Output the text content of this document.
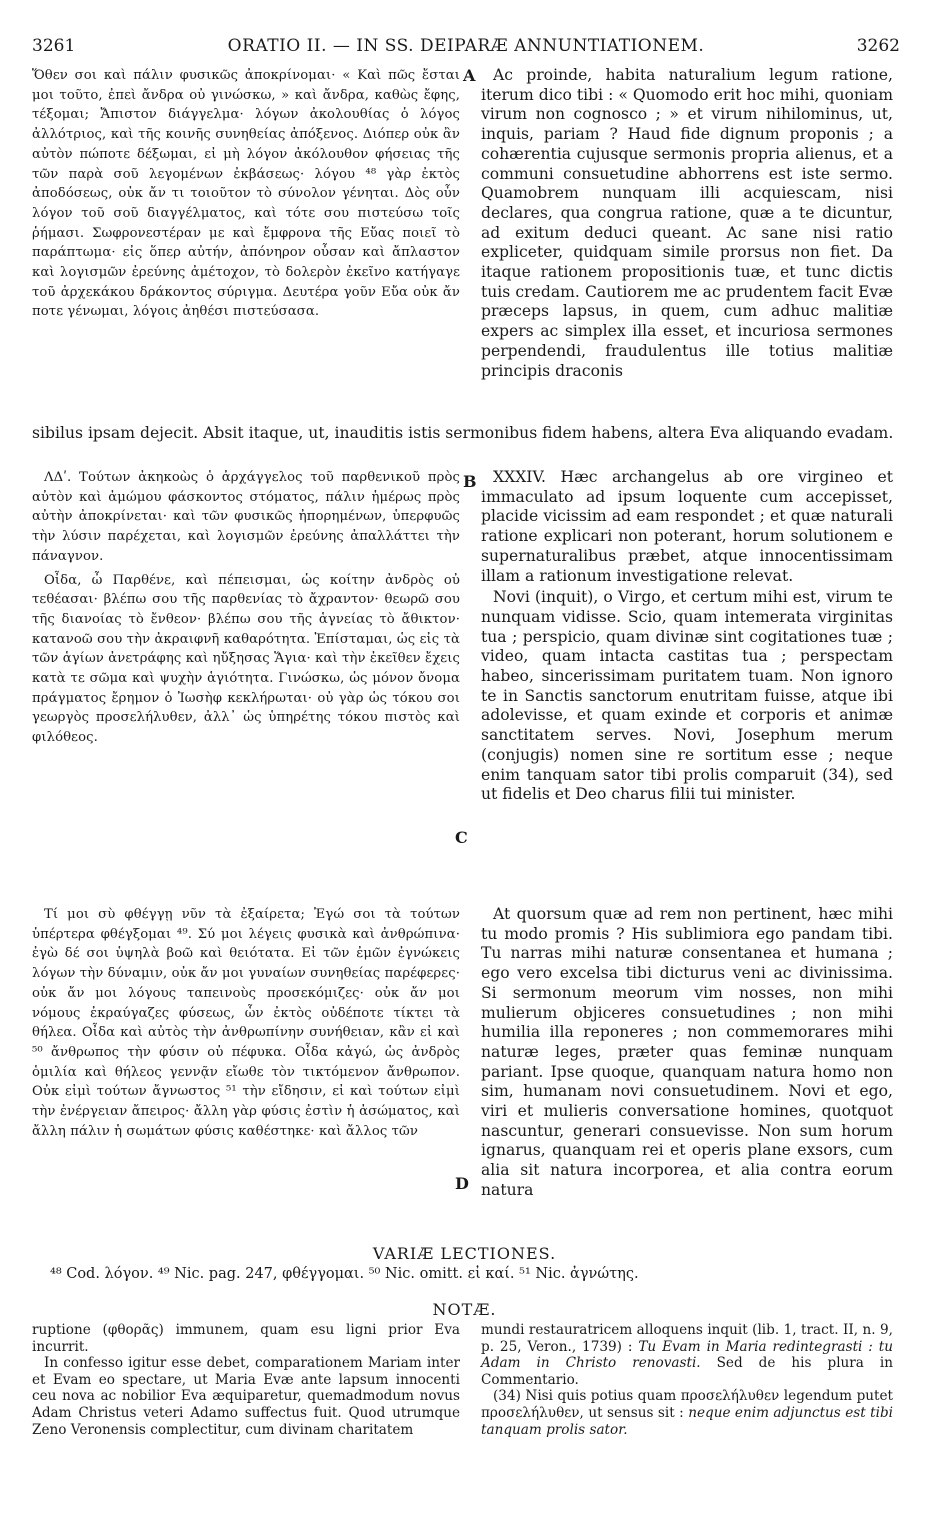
3261	ORATIO II. — IN SS. DEIPARÆ ANNUNTIATIONEM.	3262

Ὅθεν σοι καὶ πάλιν φυσικῶς ἀποκρίνομαι· « Καὶ πῶς ἔσται μοι τοῦτο, ἐπεὶ ἄνδρα οὐ γινώσκω, » καὶ ἄνδρα, καθὼς ἔφης, τέξομαι; Ἄπιστον διάγγελμα· λόγων ἀκολουθίας ὁ λόγος ἀλλότριος, καὶ τῆς κοινῆς συνηθείας ἀπόξενος. Διόπερ οὐκ ἂν αὐτὸν πώποτε δέξωμαι, εἰ μὴ λόγον ἀκόλουθον φήσειας τῆς τῶν παρὰ σοῦ λεγομένων ἐκβάσεως· λόγου ⁴⁸ γὰρ ἐκτὸς ἀποδόσεως, οὐκ ἄν τι τοιοῦτον τὸ σύνολον γένηται. Δὸς οὖν λόγον τοῦ σοῦ διαγγέλματος, καὶ τότε σου πιστεύσω τοῖς ῥήμασι. Σωφρονεστέραν με καὶ ἔμφρονα τῆς Εὔας ποιεῖ τὸ παράπτωμα· εἰς ὅπερ αὐτήν, ἀπόνηρον οὖσαν καὶ ἄπλαστον καὶ λογισμῶν ἐρεύνης ἀμέτοχον, τὸ δολερὸν ἐκεῖνο κατήγαγε τοῦ ἀρχεκάκου δράκοντος σύριγμα. Δευτέρα γοῦν Εὔα οὐκ ἄν ποτε γένωμαι, λόγοις ἀηθέσι πιστεύσασα.

A	Ac proinde, habita naturalium legum ratione, iterum dico tibi : « Quomodo erit hoc mihi, quoniam virum non cognosco ; » et virum nihilominus, ut, inquis, pariam ? Haud fide dignum proponis ; a cohærentia cujusque sermonis propria alienus, et a communi consuetudine abhorrens est iste sermo. Quamobrem nunquam illi acquiescam, nisi declares, qua congrua ratione, quæ a te dicuntur, ad exitum deduci queant. Ac sane nisi ratio expliceter, quidquam simile prorsus non fiet. Da itaque rationem propositionis tuæ, et tunc dictis tuis credam. Cautiorem me ac prudentem facit Evæ præceps lapsus, in quem, cum adhuc malitiæ expers ac simplex illa esset, et incuriosa sermones perpendendi, fraudulentus ille totius malitiæ principis draconis

sibilus ipsam dejecit. Absit itaque, ut, inauditis istis sermonibus fidem habens, altera Eva aliquando evadam.

ΛΔʹ. Τούτων ἀκηκοὼς ὁ ἀρχάγγελος τοῦ παρθενικοῦ πρὸς αὐτὸν καὶ ἀμώμου φάσκοντος στόματος, πάλιν ἡμέρως πρὸς αὐτὴν ἀποκρίνεται· καὶ τῶν φυσικῶς ἠπορημένων, ὑπερφυῶς τὴν λύσιν παρέχεται, καὶ λογισμῶν ἐρεύνης ἀπαλλάττει τὴν πάναγνον.

Οἶδα, ὦ Παρθένε, καὶ πέπεισμαι, ὡς κοίτην ἀνδρὸς οὐ τεθέασαι· βλέπω σου τῆς παρθενίας τὸ ἄχραντον· θεωρῶ σου τῆς διανοίας τὸ ἔνθεον· βλέπω σου τῆς ἁγνείας τὸ ἄθικτον· κατανοῶ σου τὴν ἀκραιφνῆ καθαρότητα. Ἐπίσταμαι, ὡς εἰς τὰ τῶν ἁγίων ἀνετράφης καὶ ηὔξησας Ἅγια· καὶ τὴν ἐκεῖθεν ἔχεις κατὰ τε σῶμα καὶ ψυχὴν ἁγιότητα. Γινώσκω, ὡς μόνον ὄνομα πράγματος ἔρημον ὁ Ἰωσὴφ κεκλήρωται· οὐ γὰρ ὡς τόκου σοι γεωργὸς προσελήλυθεν, ἀλλ᾽ ὡς ὑπηρέτης τόκου πιστὸς καὶ φιλόθεος.

B	XXXIV. Hæc archangelus ab ore virgineo et immaculato ad ipsum loquente cum accepisset, placide vicissim ad eam respondet ; et quæ naturali ratione explicari non poterant, horum solutionem e supernaturalibus præbet, atque innocentissimam illam a rationum investigatione relevat.

Novi (inquit), o Virgo, et certum mihi est, virum te nunquam vidisse. Scio, quam intemerata virginitas tua ; perspicio, quam divinæ sint cogitationes tuæ ; video, quam intacta castitas tua ; perspectam habeo, sincerissimam puritatem tuam. Non ignoro te in Sanctis sanctorum enutritam fuisse, atque ibi adolevisse, et quam exinde et corporis et animæ sanctitatem serves. Novi, Josephum merum (conjugis) nomen sine re sortitum esse ; neque enim tanquam sator tibi prolis comparuit (34), sed ut fidelis et Deo charus filii tui minister.

C

Τί μοι σὺ φθέγγῃ νῦν τὰ ἐξαίρετα; Ἐγώ σοι τὰ τούτων ὑπέρτερα φθέγξομαι ⁴⁹. Σύ μοι λέγεις φυσικὰ καὶ ἀνθρώπινα· ἐγὼ δέ σοι ὑψηλὰ βοῶ καὶ θειότατα. Εἰ τῶν ἐμῶν ἐγνώκεις λόγων τὴν δύναμιν, οὐκ ἄν μοι γυναίων συνηθείας παρέφερες· οὐκ ἄν μοι λόγους ταπεινοὺς προσεκόμιζες· οὐκ ἄν μοι νόμους ἐκραύγαζες φύσεως, ὧν ἐκτὸς οὐδέποτε τίκτει τὰ θήλεα. Οἶδα καὶ αὐτὸς τὴν ἀνθρωπίνην συνήθειαν, κἂν εἰ καὶ ⁵⁰ ἄνθρωπος τὴν φύσιν οὐ πέφυκα. Οἶδα κἀγώ, ὡς ἀνδρὸς ὁμιλία καὶ θήλεος γεννᾷν εἴωθε τὸν τικτόμενον ἄνθρωπον. Οὐκ εἰμὶ τούτων ἄγνωστος ⁵¹ τὴν εἴδησιν, εἰ καὶ τούτων εἰμὶ τὴν ἐνέργειαν ἄπειρος· ἄλλη γὰρ φύσις ἐστὶν ἡ ἀσώματος, καὶ ἄλλη πάλιν ἡ σωμάτων φύσις καθέστηκε· καὶ ἄλλος τῶν

At quorsum quæ ad rem non pertinent, hæc mihi tu modo promis ? His sublimiora ego pandam tibi. Tu narras mihi naturæ consentanea et humana ; ego vero excelsa tibi dicturus veni ac divinissima. Si sermonum meorum vim nosses, non mihi mulierum objiceres consuetudines ; non mihi humilia illa reponeres ; non commemorares mihi naturæ leges, præter quas feminæ nunquam pariant. Ipse quoque, quanquam natura homo non sim, humanam novi consuetudinem. Novi et ego, viri et mulieris conversatione homines, quotquot nascuntur, generari consuevisse. Non sum horum ignarus, quanquam rei et operis plane exsors, cum alia sit natura incorporea, et alia contra eorum natura

D
VARIÆ LECTIONES.
⁴⁸ Cod. λόγον. ⁴⁹ Nic. pag. 247, φθέγγομαι. ⁵⁰ Nic. omitt. εἰ καί. ⁵¹ Nic. ἀγνώτης.
NOTÆ.

ruptione (φθορᾶς) immunem, quam esu ligni prior Eva incurrit.

In confesso igitur esse debet, comparationem Mariam inter et Evam eo spectare, ut Maria Evæ ante lapsum innocenti ceu nova ac nobilior Eva æquiparetur, quemadmodum novus Adam Christus veteri Adamo suffectus fuit. Quod utrumque Zeno Veronensis complectitur, cum divinam charitatem

mundi restauratricem alloquens inquit (lib. 1, tract. II, n. 9, p. 25, Veron., 1739) : Tu Evam in Maria redintegrasti : tu Adam in Christo renovasti. Sed de his plura in Commentario.

(34) Nisi quis potius quam προσελήλυθεν legendum putet προσελήλυθεν, ut sensus sit : neque enim adjunctus est tibi tanquam prolis sator.
